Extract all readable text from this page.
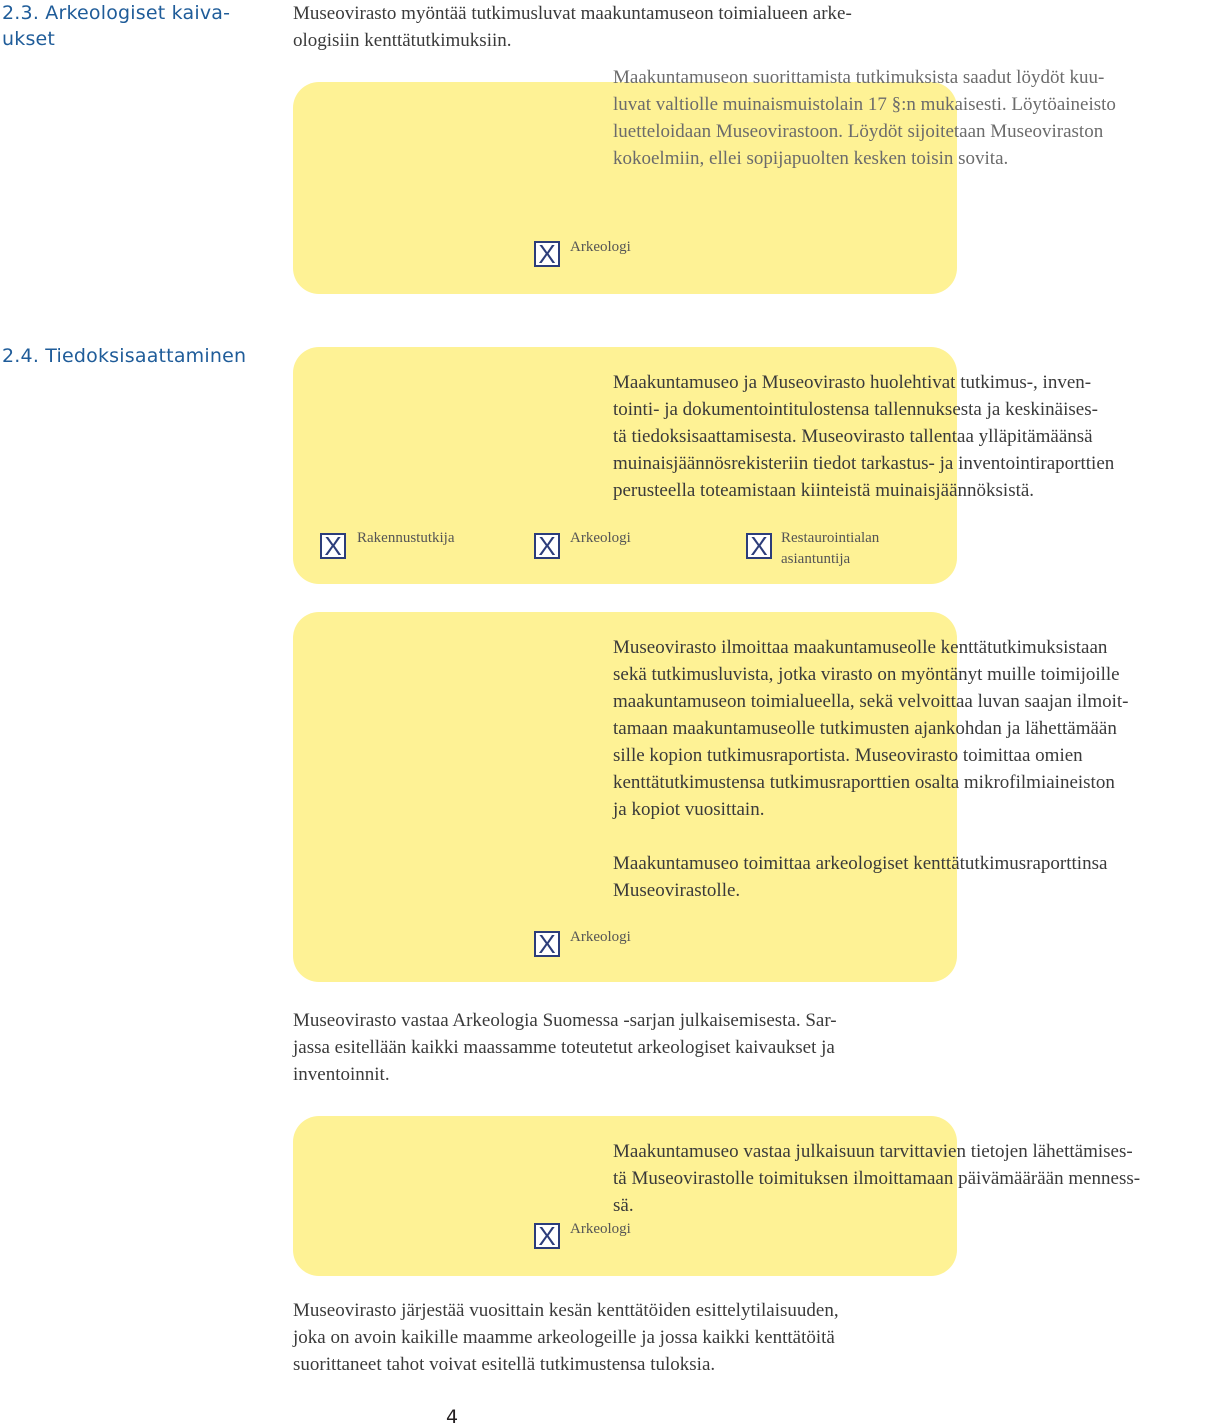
2.3. Arkeologiset kaiva-
ukset

Museovirasto myöntää tutkimusluvat maakuntamuseon toimialueen arke-
ologisiin kenttätutkimuksiin.

Maakuntamuseon suorittamista tutkimuksista saadut löydöt kuu-
luvat valtiolle muinaismuistolain 17 §:n mukaisesti. Löytöaineisto
luetteloidaan Museovirastoon. Löydöt sijoitetaan Museoviraston
kokoelmiin, ellei sopijapuolten kesken toisin sovita.

X Arkeologi
2.4. Tiedoksisaattaminen

Maakuntamuseo ja Museovirasto huolehtivat tutkimus-, inven-
tointi- ja dokumentointitulostensa tallennuksesta ja keskinäises-
tä tiedoksisaattamisesta. Museovirasto tallentaa ylläpitämäänsä
muinaisjäännösrekisteriin tiedot tarkastus- ja inventointiraporttien
perusteella toteamistaan kiinteistä muinaisjäännöksistä.

X Rakennustutkija	X Arkeologi	X Restaurointialan
asiantuntija

Museovirasto ilmoittaa maakuntamuseolle kenttätutkimuksistaan
sekä tutkimusluvista, jotka virasto on myöntänyt muille toimijoille
maakuntamuseon toimialueella, sekä velvoittaa luvan saajan ilmoit-
tamaan maakuntamuseolle tutkimusten ajankohdan ja lähettämään
sille kopion tutkimusraportista. Museovirasto toimittaa omien
kenttätutkimustensa tutkimusraporttien osalta mikrofilmiaineiston
ja kopiot vuosittain.

Maakuntamuseo toimittaa arkeologiset kenttätutkimusraporttinsa
Museovirastolle.

X Arkeologi

Museovirasto vastaa Arkeologia Suomessa -sarjan julkaisemisesta. Sar-
jassa esitellään kaikki maassamme toteutetut arkeologiset kaivaukset ja
inventoinnit.

Maakuntamuseo vastaa julkaisuun tarvittavien tietojen lähettämises-
tä Museovirastolle toimituksen ilmoittamaan päivämäärään menness-
sä.

X Arkeologi

Museovirasto järjestää vuosittain kesän kenttätöiden esittelytilaisuuden,
joka on avoin kaikille maamme arkeologeille ja jossa kaikki kenttätöitä
suorittaneet tahot voivat esitellä tutkimustensa tuloksia.

4
